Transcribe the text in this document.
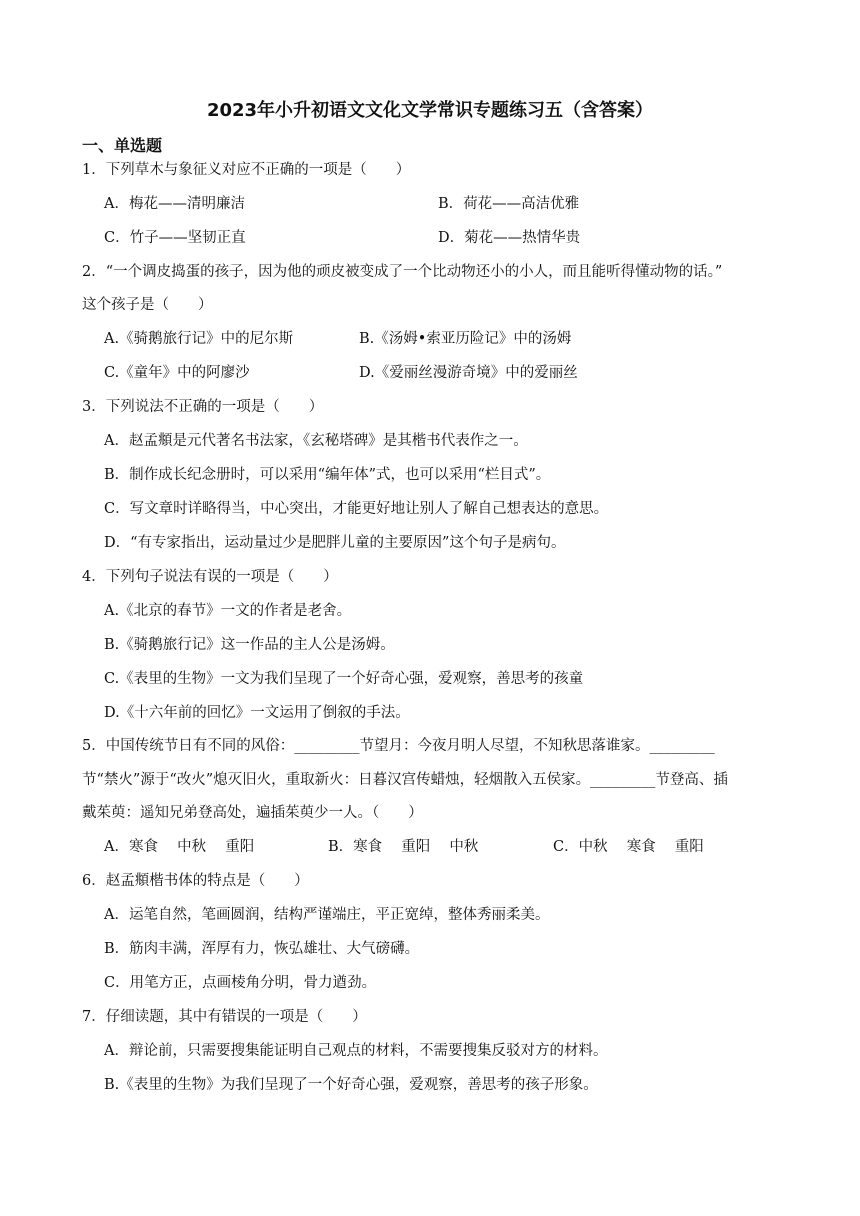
2023年小升初语文文化文学常识专题练习五（含答案）
一、单选题
1．下列草木与象征义对应不正确的一项是（　　）
A．梅花——清明廉洁	B．荷花——高洁优雅
C．竹子——坚韧正直	D．菊花——热情华贵
2．“一个调皮捣蛋的孩子，因为他的顽皮被变成了一个比动物还小的小人，而且能听得懂动物的话。”
这个孩子是（　　）
A.《骑鹅旅行记》中的尼尔斯	B.《汤姆•索亚历险记》中的汤姆
C.《童年》中的阿廖沙	D.《爱丽丝漫游奇境》中的爱丽丝
3．下列说法不正确的一项是（　　）
A．赵孟頫是元代著名书法家，《玄秘塔碑》是其楷书代表作之一。
B．制作成长纪念册时，可以采用“编年体”式，也可以采用“栏目式”。
C．写文章时详略得当，中心突出，才能更好地让别人了解自己想表达的意思。
D．“有专家指出，运动量过少是肥胖儿童的主要原因”这个句子是病句。
4．下列句子说法有误的一项是（　　）
A.《北京的春节》一文的作者是老舍。
B.《骑鹅旅行记》这一作品的主人公是汤姆。
C.《表里的生物》一文为我们呈现了一个好奇心强，爱观察，善思考的孩童
D.《十六年前的回忆》一文运用了倒叙的手法。
5．中国传统节日有不同的风俗：_________节望月：今夜月明人尽望，不知秋思落谁家。_________
节“禁火”源于“改火”熄灭旧火，重取新火：日暮汉宫传蜡烛，轻烟散入五侯家。_________节登高、插
戴茱萸：遥知兄弟登高处，遍插茱萸少一人。（　　）
A．寒食　 中秋　 重阳	B．寒食　 重阳　 中秋	C．中秋　 寒食　 重阳
6．赵孟頫楷书体的特点是（　　）
A．运笔自然，笔画圆润，结构严谨端庄，平正宽绰，整体秀丽柔美。
B．筋肉丰满，浑厚有力，恢弘雄壮、大气磅礴。
C．用笔方正，点画棱角分明，骨力遒劲。
7．仔细读题，其中有错误的一项是（　　）
A．辩论前，只需要搜集能证明自己观点的材料，不需要搜集反驳对方的材料。
B.《表里的生物》为我们呈现了一个好奇心强，爱观察，善思考的孩子形象。
